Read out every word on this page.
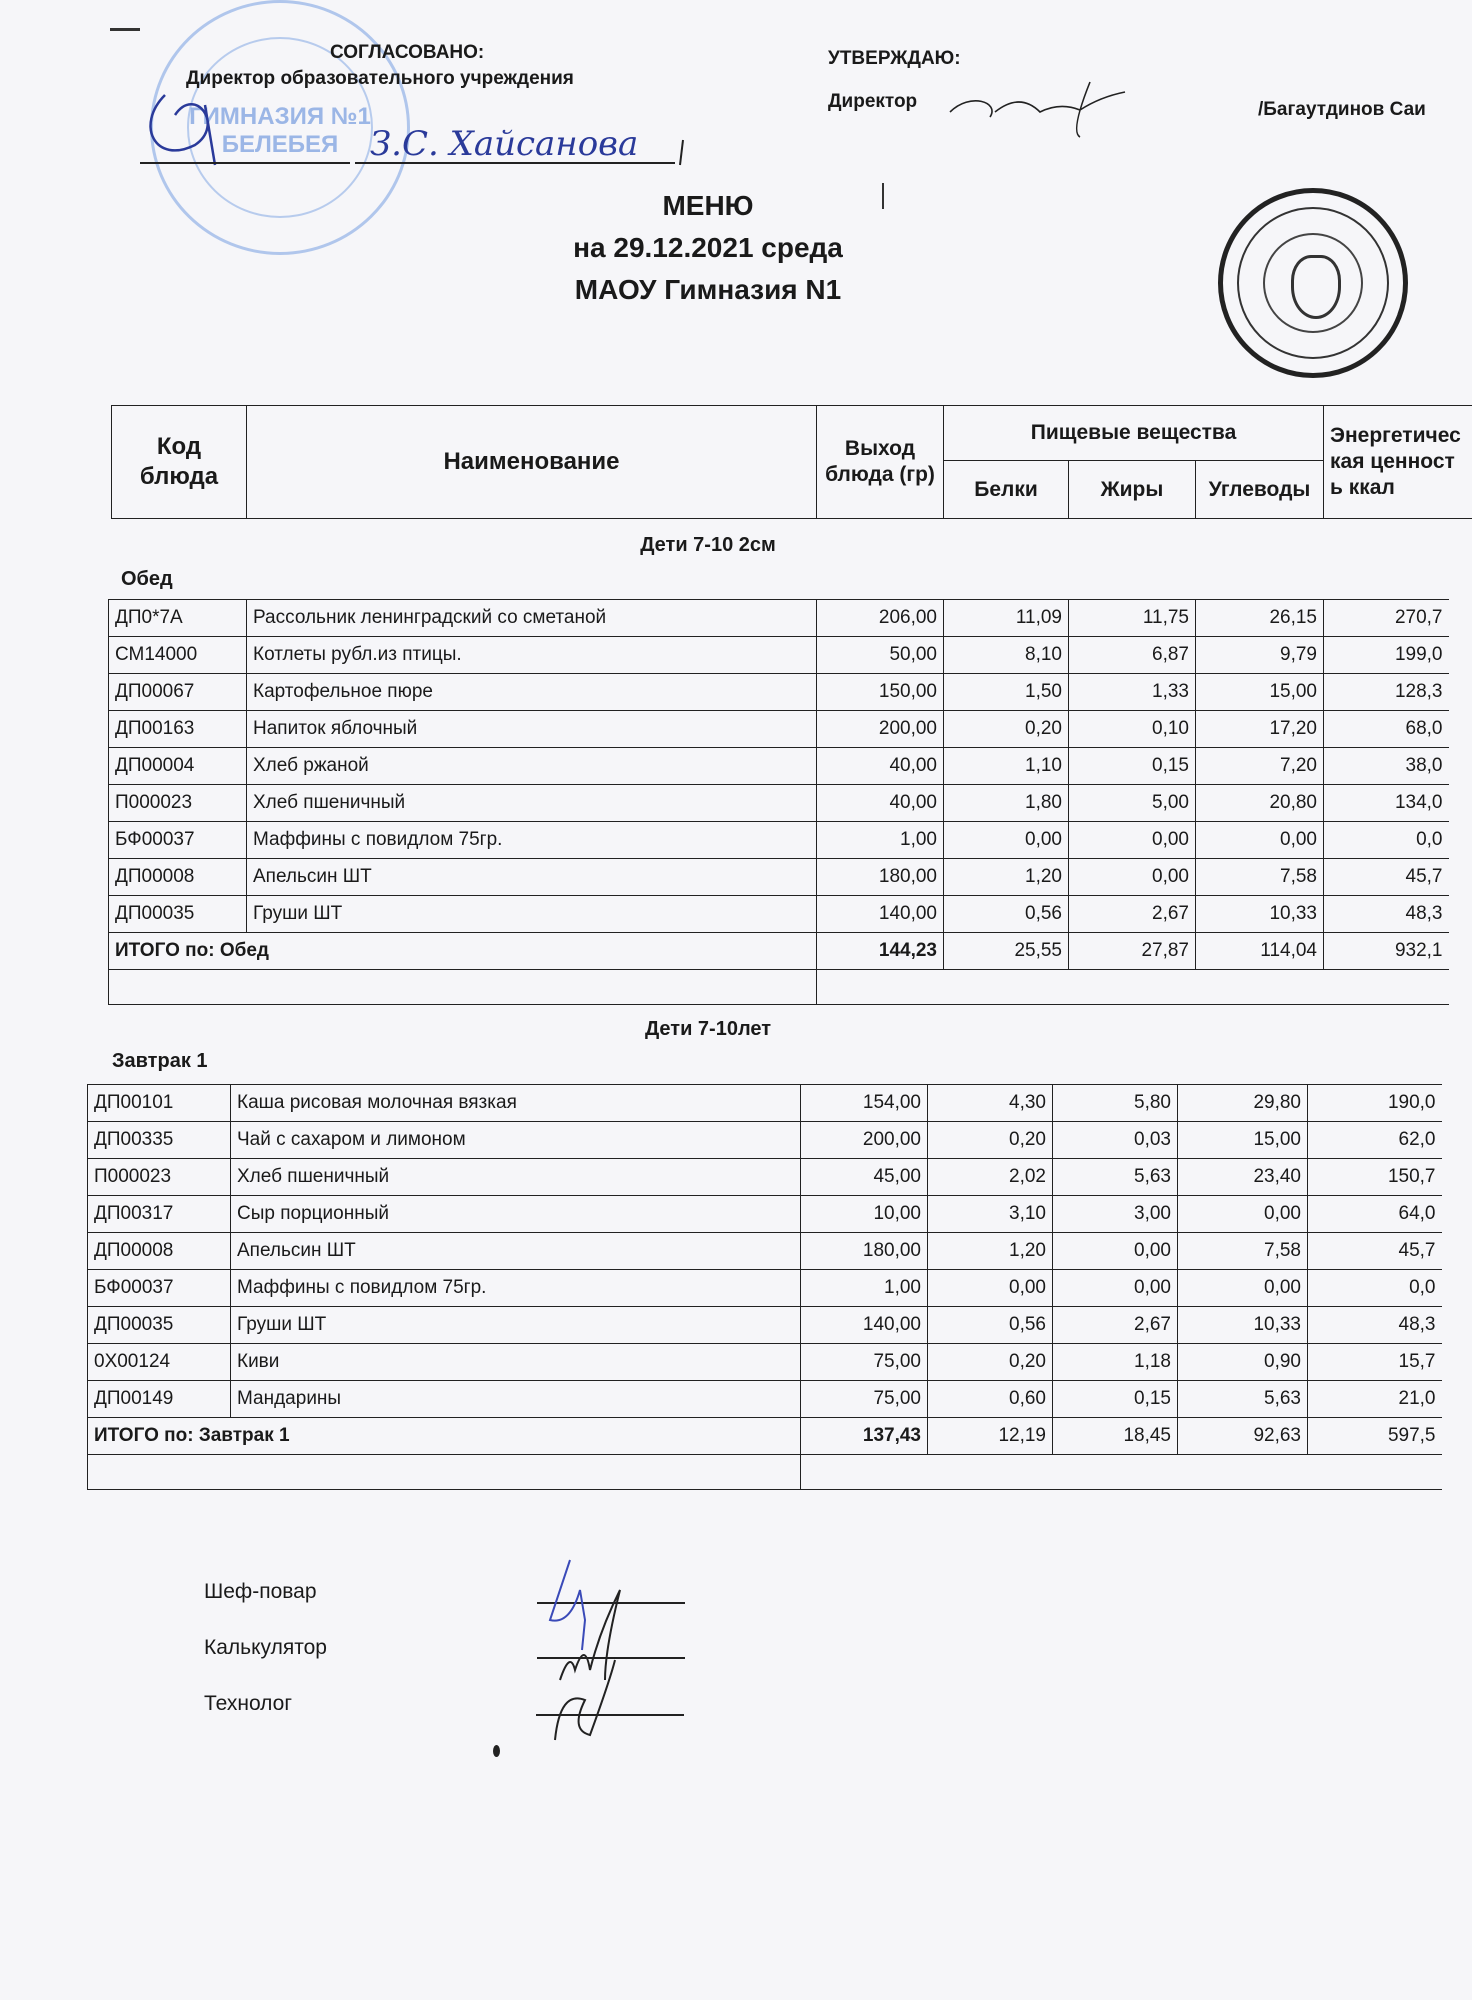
ГИМНАЗИЯ №1 БЕЛЕБЕЯ
СОГЛАСОВАНО:
Директор образовательного учреждения
З.С. Хайсанова
УТВЕРЖДАЮ:
Директор	/Багаутдинов Саи
МЕНЮ
на 29.12.2021 среда
МАОУ Гимназия N1
Код блюда	Наименование	Выход блюда (гр)	Пищевые вещества			Энергетическая ценность ккал
			Белки	Жиры	Углеводы	
Дети 7-10 2см
Обед
ДП0*7А	Рассольник ленинградский со сметаной	206,00	11,09	11,75	26,15	270,7
СМ14000	Котлеты рубл.из птицы.	50,00	8,10	6,87	9,79	199,0
ДП00067	Картофельное пюре	150,00	1,50	1,33	15,00	128,3
ДП00163	Напиток яблочный	200,00	0,20	0,10	17,20	68,0
ДП00004	Хлеб ржаной	40,00	1,10	0,15	7,20	38,0
П000023	Хлеб пшеничный	40,00	1,80	5,00	20,80	134,0
БФ00037	Маффины с повидлом 75гр.	1,00	0,00	0,00	0,00	0,0
ДП00008	Апельсин ШТ	180,00	1,20	0,00	7,58	45,7
ДП00035	Груши ШТ	140,00	0,56	2,67	10,33	48,3
ИТОГО по: Обед		144,23	25,55	27,87	114,04	932,1

Дети 7-10лет
Завтрак 1
ДП00101	Каша рисовая молочная вязкая	154,00	4,30	5,80	29,80	190,0
ДП00335	Чай с сахаром и лимоном	200,00	0,20	0,03	15,00	62,0
П000023	Хлеб пшеничный	45,00	2,02	5,63	23,40	150,7
ДП00317	Сыр порционный	10,00	3,10	3,00	0,00	64,0
ДП00008	Апельсин ШТ	180,00	1,20	0,00	7,58	45,7
БФ00037	Маффины с повидлом 75гр.	1,00	0,00	0,00	0,00	0,0
ДП00035	Груши ШТ	140,00	0,56	2,67	10,33	48,3
0Х00124	Киви	75,00	0,20	1,18	0,90	15,7
ДП00149	Мандарины	75,00	0,60	0,15	5,63	21,0
ИТОГО по: Завтрак 1		137,43	12,19	18,45	92,63	597,5

Шеф-повар
Калькулятор
Технолог
